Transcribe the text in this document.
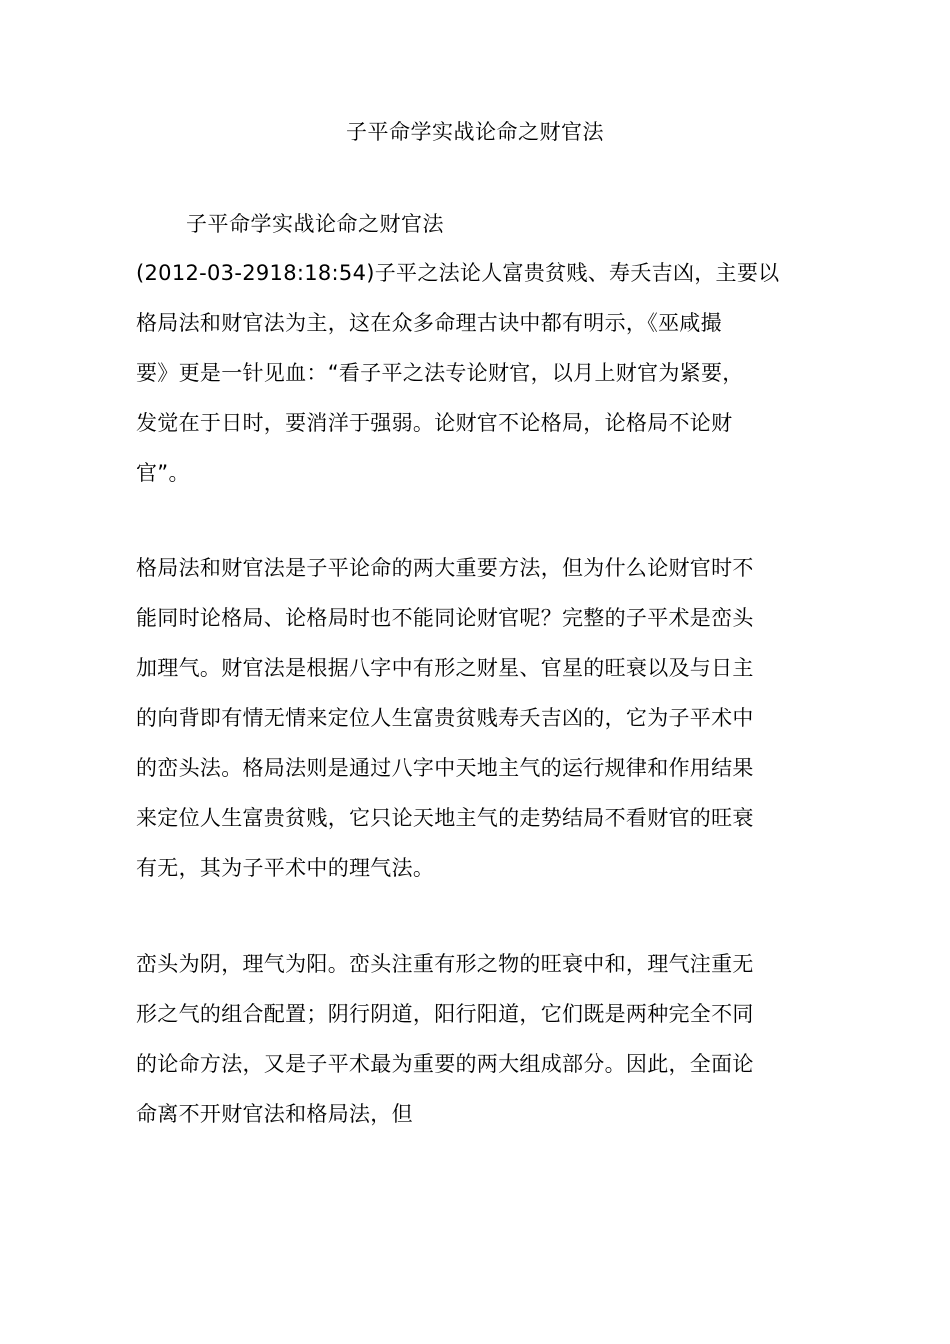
子平命学实战论命之财官法
子平命学实战论命之财官法
(2012-03-2918:18:54)子平之法论人富贵贫贱、寿夭吉凶，主要以
格局法和财官法为主，这在众多命理古诀中都有明示，《巫咸撮
要》更是一针见血：“看子平之法专论财官，以月上财官为紧要，
发觉在于日时，要消洋于强弱。论财官不论格局，论格局不论财
官”。
格局法和财官法是子平论命的两大重要方法，但为什么论财官时不
能同时论格局、论格局时也不能同论财官呢？完整的子平术是峦头
加理气。财官法是根据八字中有形之财星、官星的旺衰以及与日主
的向背即有情无情来定位人生富贵贫贱寿夭吉凶的，它为子平术中
的峦头法。格局法则是通过八字中天地主气的运行规律和作用结果
来定位人生富贵贫贱，它只论天地主气的走势结局不看财官的旺衰
有无，其为子平术中的理气法。
峦头为阴，理气为阳。峦头注重有形之物的旺衰中和，理气注重无
形之气的组合配置；阴行阴道，阳行阳道，它们既是两种完全不同
的论命方法，又是子平术最为重要的两大组成部分。因此，全面论
命离不开财官法和格局法，但
